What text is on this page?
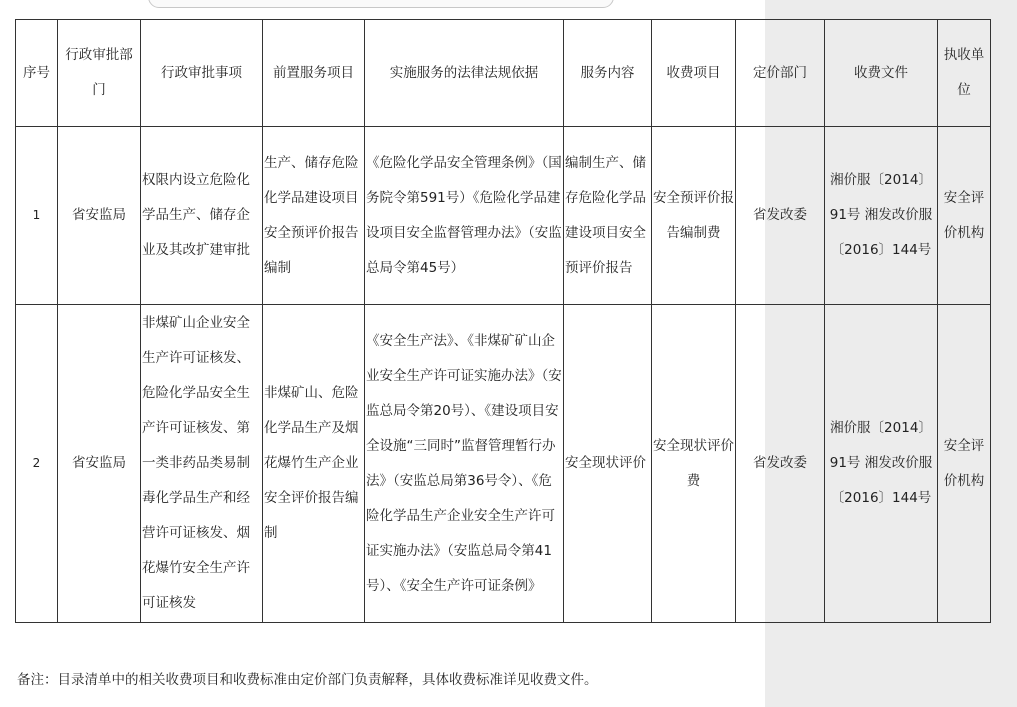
序号	行政审批部门	行政审批事项	前置服务项目	实施服务的法律法规依据	服务内容	收费项目	定价部门	收费文件	执收单位
1	省安监局	权限内设立危险化学品生产、储存企业及其改扩建审批	生产、储存危险化学品建设项目安全预评价报告编制	《危险化学品安全管理条例》（国务院令第591号）《危险化学品建设项目安全监督管理办法》（安监总局令第45号）	编制生产、储存危险化学品建设项目安全预评价报告	安全预评价报告编制费	省发改委	湘价服〔2014〕91号 湘发改价服〔2016〕144号	安全评价机构
2	省安监局	非煤矿山企业安全生产许可证核发、危险化学品安全生产许可证核发、第一类非药品类易制毒化学品生产和经营许可证核发、烟花爆竹安全生产许可证核发	非煤矿山、危险化学品生产及烟花爆竹生产企业安全评价报告编制	《安全生产法》、《非煤矿矿山企业安全生产许可证实施办法》（安监总局令第20号）、《建设项目安全设施“三同时”监督管理暂行办法》（安监总局第36号令）、《危险化学品生产企业安全生产许可证实施办法》（安监总局令第41号）、《安全生产许可证条例》	安全现状评价	安全现状评价费	省发改委	湘价服〔2014〕91号 湘发改价服〔2016〕144号	安全评价机构
备注：目录清单中的相关收费项目和收费标准由定价部门负责解释，具体收费标准详见收费文件。
